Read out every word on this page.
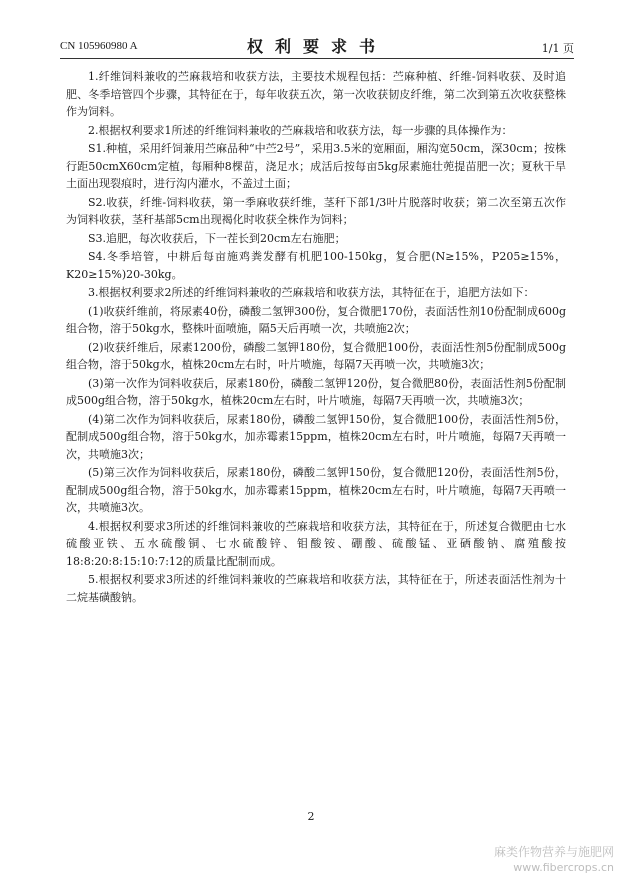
CN 105960980 A	权利要求书	1/1 页

1.纤维饲料兼收的苎麻栽培和收获方法，主要技术规程包括：苎麻种植、纤维-饲料收获、及时追肥、冬季培管四个步骤，其特征在于，每年收获五次，第一次收获韧皮纤维，第二次到第五次收获整株作为饲料。

2.根据权利要求1所述的纤维饲料兼收的苎麻栽培和收获方法，每一步骤的具体操作为：

S1.种植，采用纤饲兼用苎麻品种“中苎2号”，采用3.5米的宽厢面，厢沟宽50cm，深30cm；按株行距50cmX60cm定植，每厢种8棵苗，浇足水；成活后按每亩5kg尿素施壮蔸提苗肥一次；夏秋干旱土面出现裂痕时，进行沟内灌水，不盖过土面；

S2.收获，纤维-饲料收获，第一季麻收获纤维，茎秆下部1/3叶片脱落时收获；第二次至第五次作为饲料收获，茎秆基部5cm出现褐化时收获全株作为饲料；

S3.追肥，每次收获后，下一茬长到20cm左右施肥；

S4.冬季培管，中耕后每亩施鸡粪发酵有机肥100-150kg，复合肥(N≥15%，P205≥15%，K20≥15%)20-30kg。

3.根据权利要求2所述的纤维饲料兼收的苎麻栽培和收获方法，其特征在于，追肥方法如下：

(1)收获纤维前，将尿素40份，磷酸二氢钾300份，复合微肥170份，表面活性剂10份配制成600g组合物，溶于50kg水，整株叶面喷施，隔5天后再喷一次，共喷施2次；

(2)收获纤维后，尿素1200份，磷酸二氢钾180份，复合微肥100份，表面活性剂5份配制成500g组合物，溶于50kg水，植株20cm左右时，叶片喷施，每隔7天再喷一次，共喷施3次；

(3)第一次作为饲料收获后，尿素180份，磷酸二氢钾120份，复合微肥80份，表面活性剂5份配制成500g组合物，溶于50kg水，植株20cm左右时，叶片喷施，每隔7天再喷一次，共喷施3次；

(4)第二次作为饲料收获后，尿素180份，磷酸二氢钾150份，复合微肥100份，表面活性剂5份，配制成500g组合物，溶于50kg水，加赤霉素15ppm，植株20cm左右时，叶片喷施，每隔7天再喷一次，共喷施3次；

(5)第三次作为饲料收获后，尿素180份，磷酸二氢钾150份，复合微肥120份，表面活性剂5份，配制成500g组合物，溶于50kg水，加赤霉素15ppm，植株20cm左右时，叶片喷施，每隔7天再喷一次，共喷施3次。

4.根据权利要求3所述的纤维饲料兼收的苎麻栽培和收获方法，其特征在于，所述复合微肥由七水硫酸亚铁、五水硫酸铜、七水硫酸锌、钼酸铵、硼酸、硫酸锰、亚硒酸钠、腐殖酸按18:8:20:8:15:10:7:12的质量比配制而成。

5.根据权利要求3所述的纤维饲料兼收的苎麻栽培和收获方法，其特征在于，所述表面活性剂为十二烷基磺酸钠。

2
麻类作物营养与施肥网
www.fibercrops.cn
